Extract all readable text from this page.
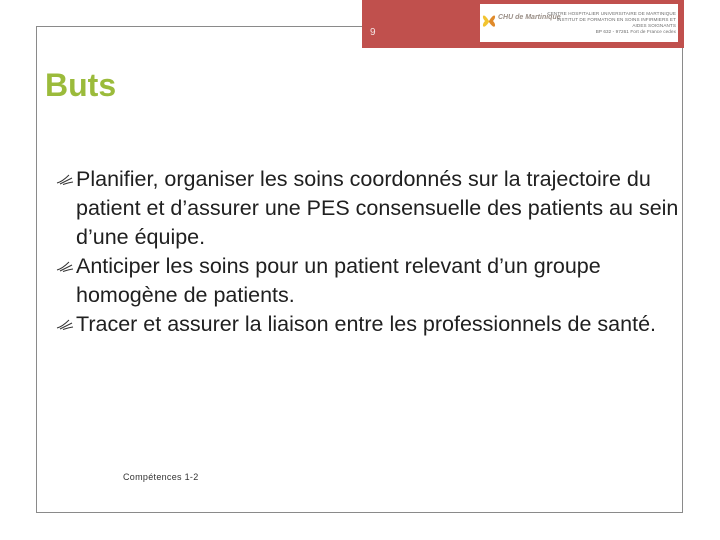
9
CHU de Martinique
CENTRE HOSPITALIER UNIVERSITAIRE DE MARTINIQUE
INSTITUT DE FORMATION EN SOINS INFIRMIERS ET
AIDES SOIGNANTS
BP 632 - 97261 Fort de France cedex
Buts
Planifier, organiser les soins coordonnés sur la trajectoire du patient et d’assurer une PES consensuelle des patients au sein d’une équipe.
Anticiper les soins pour un patient relevant d’un groupe homogène de patients.
Tracer et assurer la liaison entre les professionnels de santé.
Compétences 1-2
